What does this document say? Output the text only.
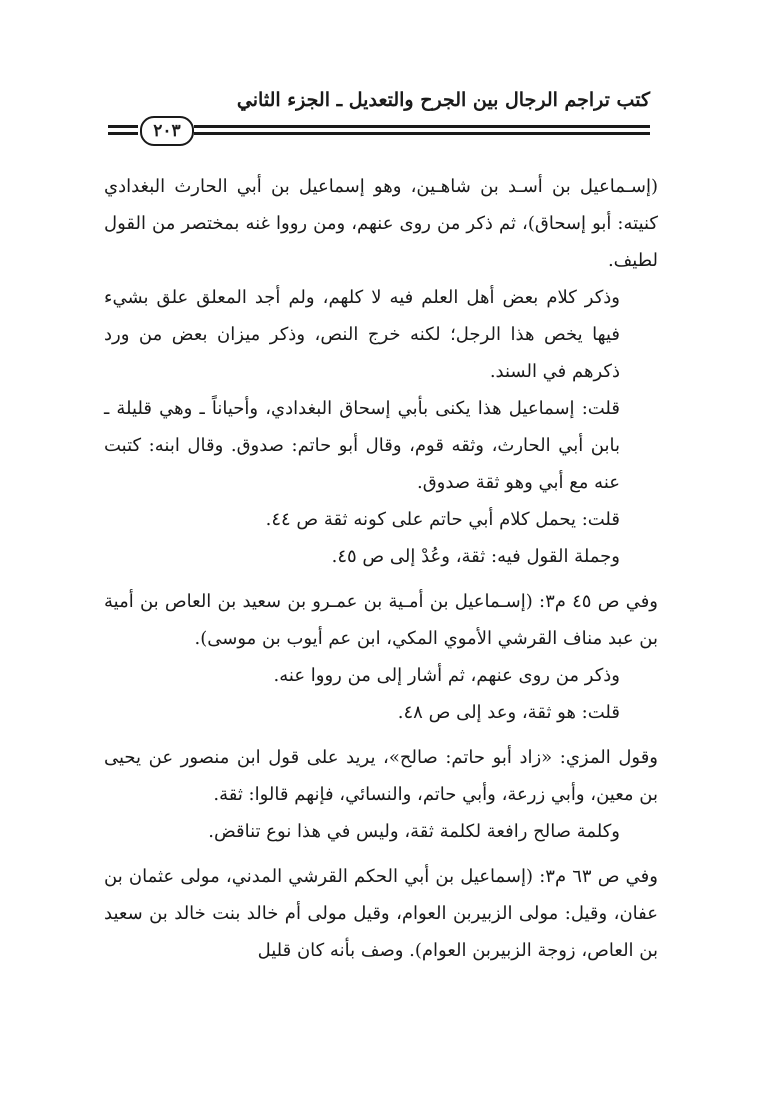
كتب تراجم الرجال بين الجرح والتعديل ـ الجزء الثاني
٢٠٣

(إسـماعيل بن أسـد بن شاهـين، وهو إسماعيل بن أبي الحارث البغدادي كنيته: أبو إسحاق)، ثم ذكر من روى عنهم، ومن رووا غنه بمختصر من القول لطيف.

وذكر كلام بعض أهل العلم فيه لا كلهم، ولم أجد المعلق علق بشيء فيها يخص هذا الرجل؛ لكنه خرج النص، وذكر ميزان بعض من ورد ذكرهم في السند.

قلت: إسماعيل هذا يكنى بأبي إسحاق البغدادي، وأحياناً ـ وهي قليلة ـ بابن أبي الحارث، وثقه قوم، وقال أبو حاتم: صدوق. وقال ابنه: كتبت عنه مع أبي وهو ثقة صدوق.

قلت: يحمل كلام أبي حاتم على كونه ثقة ص ٤٤.

وجملة القول فيه: ثقة، وعُدْ إلى ص ٤٥.

وفي ص ٤٥ م٣: (إسـماعيل بن أمـية بن عمـرو بن سعيد بن العاص بن أمية بن عبد مناف القرشي الأموي المكي، ابن عم أيوب بن موسى).

وذكر من روى عنهم، ثم أشار إلى من رووا عنه.

قلت: هو ثقة، وعد إلى ص ٤٨.

وقول المزي: «زاد أبو حاتم: صالح»، يريد على قول ابن منصور عن يحيى بن معين، وأبي زرعة، وأبي حاتم، والنسائي، فإنهم قالوا: ثقة.

وكلمة صالح رافعة لكلمة ثقة، وليس في هذا نوع تناقض.

وفي ص ٦٣ م٣: (إسماعيل بن أبي الحكم القرشي المدني، مولى عثمان بن عفان، وقيل: مولى الزبيربن العوام، وقيل مولى أم خالد بنت خالد بن سعيد بن العاص، زوجة الزبيربن العوام). وصف بأنه كان قليل
